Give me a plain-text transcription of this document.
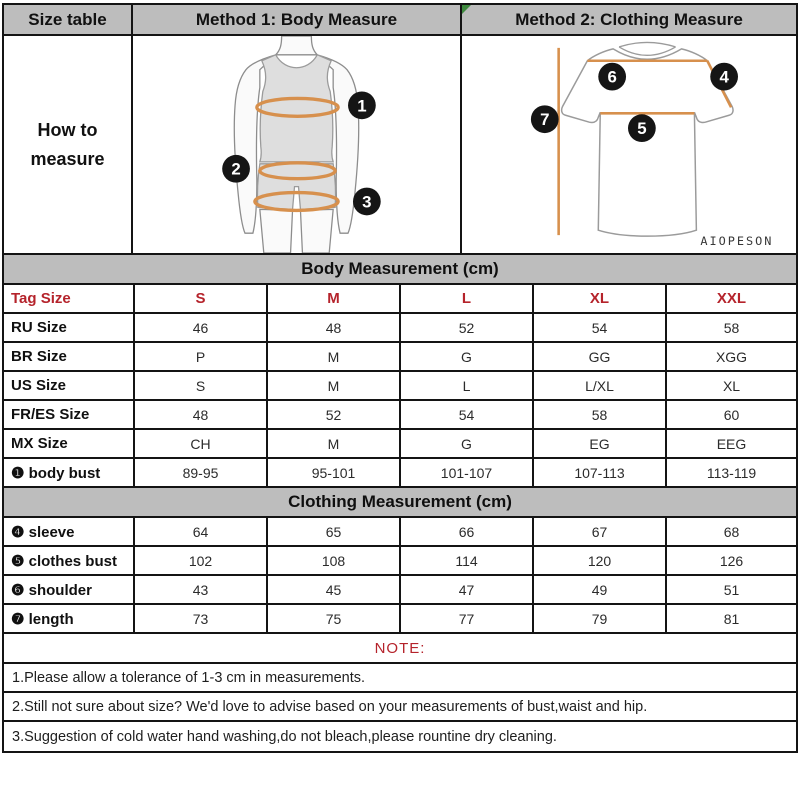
Size table	Method 1: Body Measure	Method 2: Clothing Measure
How to measure
1
2
3
6	4
7	5
AIOPESON
Body Measurement (cm)
Tag Size	S	M	L	XL	XXL
RU Size	46	48	52	54	58
BR Size	P	M	G	GG	XGG
US Size	S	M	L	L/XL	XL
FR/ES Size	48	52	54	58	60
MX Size	CH	M	G	EG	EEG
❶ body bust	89-95	95-101	101-107	107-113	113-119
Clothing Measurement (cm)
❹ sleeve	64	65	66	67	68
❺ clothes bust	102	108	114	120	126
❻ shoulder	43	45	47	49	51
❼ length	73	75	77	79	81
NOTE:
1.Please allow a tolerance of 1-3 cm in measurements.
2.Still not sure about size? We'd love to advise based on your measurements of bust,waist and hip.
3.Suggestion of cold water hand washing,do not bleach,please rountine dry cleaning.
